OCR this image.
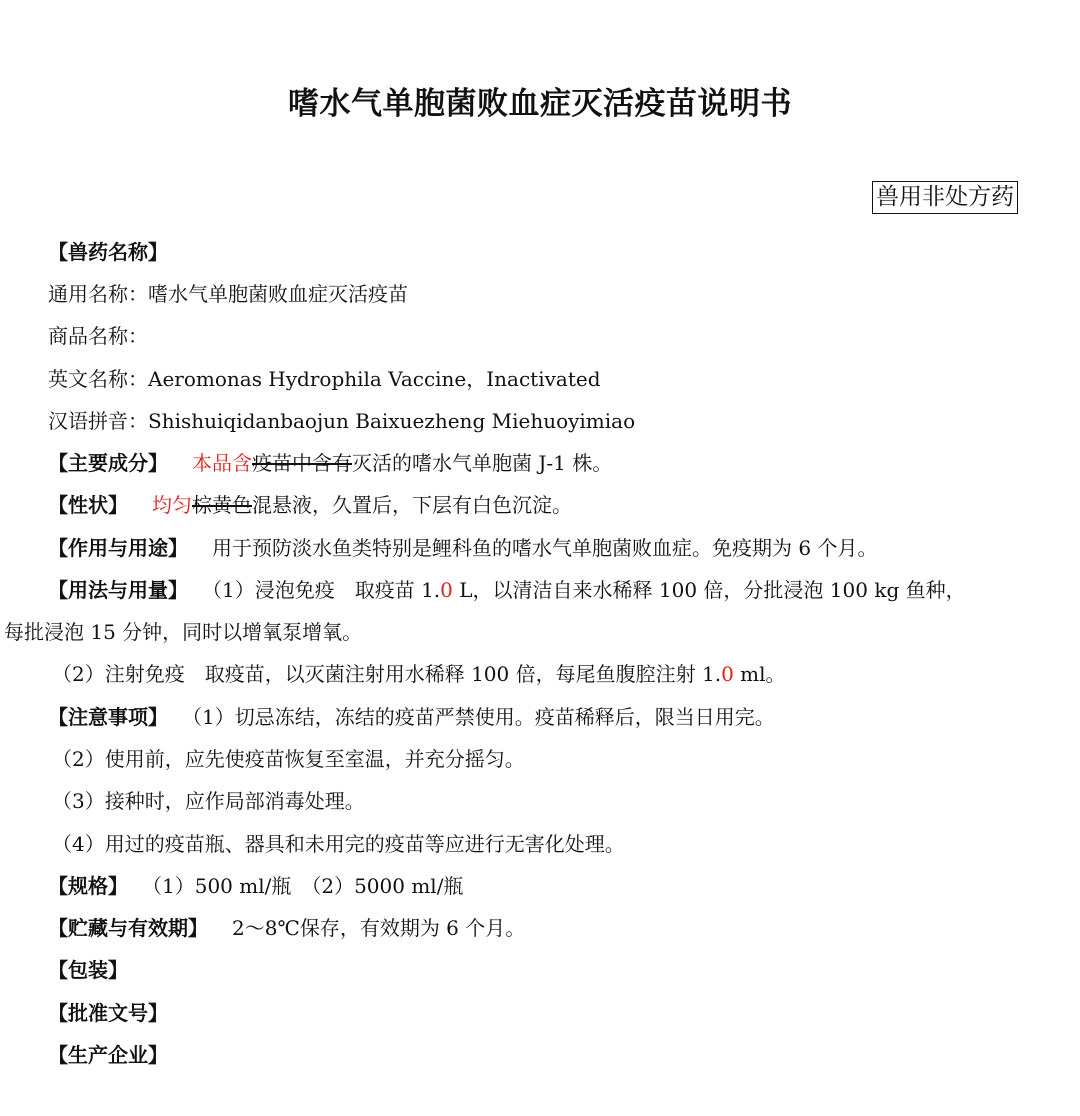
嗜水气单胞菌败血症灭活疫苗说明书
兽用非处方药
【兽药名称】
通用名称：嗜水气单胞菌败血症灭活疫苗
商品名称：
英文名称：Aeromonas Hydrophila Vaccine，Inactivated
汉语拼音：Shishuiqidanbaojun Baixuezheng Miehuoyimiao
【主要成分】 本品含疫苗中含有灭活的嗜水气单胞菌 J-1 株。
【性状】 均匀棕黄色混悬液，久置后，下层有白色沉淀。
【作用与用途】 用于预防淡水鱼类特别是鲤科鱼的嗜水气单胞菌败血症。免疫期为 6 个月。
【用法与用量】 （1）浸泡免疫　取疫苗 1.0 L，以清洁自来水稀释 100 倍，分批浸泡 100 kg 鱼种，
每批浸泡 15 分钟，同时以增氧泵增氧。
（2）注射免疫　取疫苗，以灭菌注射用水稀释 100 倍，每尾鱼腹腔注射 1.0 ml。
【注意事项】 （1）切忌冻结，冻结的疫苗严禁使用。疫苗稀释后，限当日用完。
（2）使用前，应先使疫苗恢复至室温，并充分摇匀。
（3）接种时，应作局部消毒处理。
（4）用过的疫苗瓶、器具和未用完的疫苗等应进行无害化处理。
【规格】 （1）500 ml/瓶　（2）5000 ml/瓶
【贮藏与有效期】 2～8℃保存，有效期为 6 个月。
【包装】
【批准文号】
【生产企业】
